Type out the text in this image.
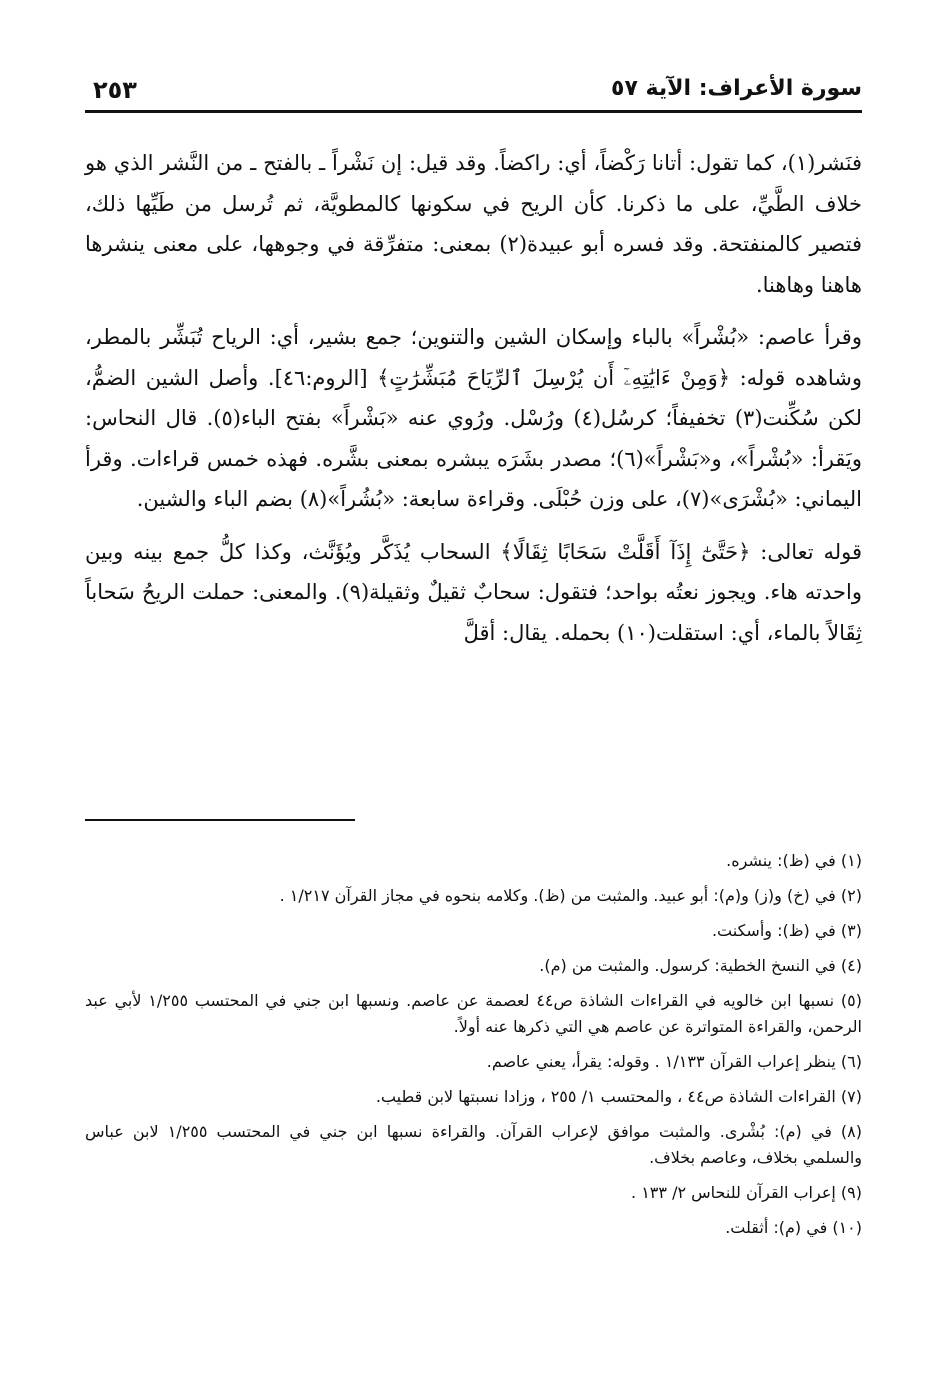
سورة الأعراف: الآية ٥٧
٢٥٣

فنَشر(١)، كما تقول: أتانا رَكْضاً، أي: راكضاً. وقد قيل: إن نَشْراً ـ بالفتح ـ من النَّشر الذي هو خلاف الطَّيِّ، على ما ذكرنا. كأن الريح في سكونها كالمطويَّة، ثم تُرسل من طَيِّها ذلك، فتصير كالمنفتحة. وقد فسره أبو عبيدة(٢) بمعنى: متفرِّقة في وجوهها، على معنى ينشرها هاهنا وهاهنا.

وقرأ عاصم: «بُشْراً» بالباء وإسكان الشين والتنوين؛ جمع بشير، أي: الرياح تُبَشِّر بالمطر، وشاهده قوله: ﴿وَمِنْ ءَايَٰتِهِۦٓ أَن يُرْسِلَ ٱلرِّيَاحَ مُبَشِّرَٰتٍ﴾ [الروم:٤٦]. وأصل الشين الضمُّ، لكن سُكِّنت(٣) تخفيفاً؛ كرسُل(٤) ورُسْل. ورُوي عنه «بَشْراً» بفتح الباء(٥). قال النحاس: ويَقرأ: «بُشْراً»، و«بَشْراً»(٦)؛ مصدر بشَرَه يبشره بمعنى بشَّره. فهذه خمس قراءات. وقرأ اليماني: «بُشْرَى»(٧)، على وزن حُبْلَى. وقراءة سابعة: «بُشُراً»(٨) بضم الباء والشين.

قوله تعالى: ﴿حَتَّىٰٓ إِذَآ أَقَلَّتْ سَحَابًا ثِقَالًا﴾ السحاب يُذَكَّر ويُؤَنَّث، وكذا كلُّ جمع بينه وبين واحدته هاء. ويجوز نعتُه بواحد؛ فتقول: سحابٌ ثقيلٌ وثقيلة(٩). والمعنى: حملت الريحُ سَحاباً ثِقَالاً بالماء، أي: استقلت(١٠) بحمله. يقال: أقلَّ

(١) في (ظ): ينشره.
(٢) في (خ) و(ز) و(م): أبو عبيد. والمثبت من (ظ). وكلامه بنحوه في مجاز القرآن ١/٢١٧ .
(٣) في (ظ): وأسكنت.
(٤) في النسخ الخطية: كرسول. والمثبت من (م).
(٥) نسبها ابن خالويه في القراءات الشاذة ص٤٤ لعصمة عن عاصم. ونسبها ابن جني في المحتسب ١/٢٥٥ لأبي عبد الرحمن، والقراءة المتواترة عن عاصم هي التي ذكرها عنه أولاً.
(٦) ينظر إعراب القرآن ١/١٣٣ . وقوله: يقرأ، يعني عاصم.
(٧) القراءات الشاذة ص٤٤ ، والمحتسب ١/ ٢٥٥ ، وزادا نسبتها لابن قطيب.
(٨) في (م): بُشْرى. والمثبت موافق لإعراب القرآن. والقراءة نسبها ابن جني في المحتسب ١/٢٥٥ لابن عباس والسلمي بخلاف، وعاصم بخلاف.
(٩) إعراب القرآن للنحاس ٢/ ١٣٣ .
(١٠) في (م): أثقلت.
